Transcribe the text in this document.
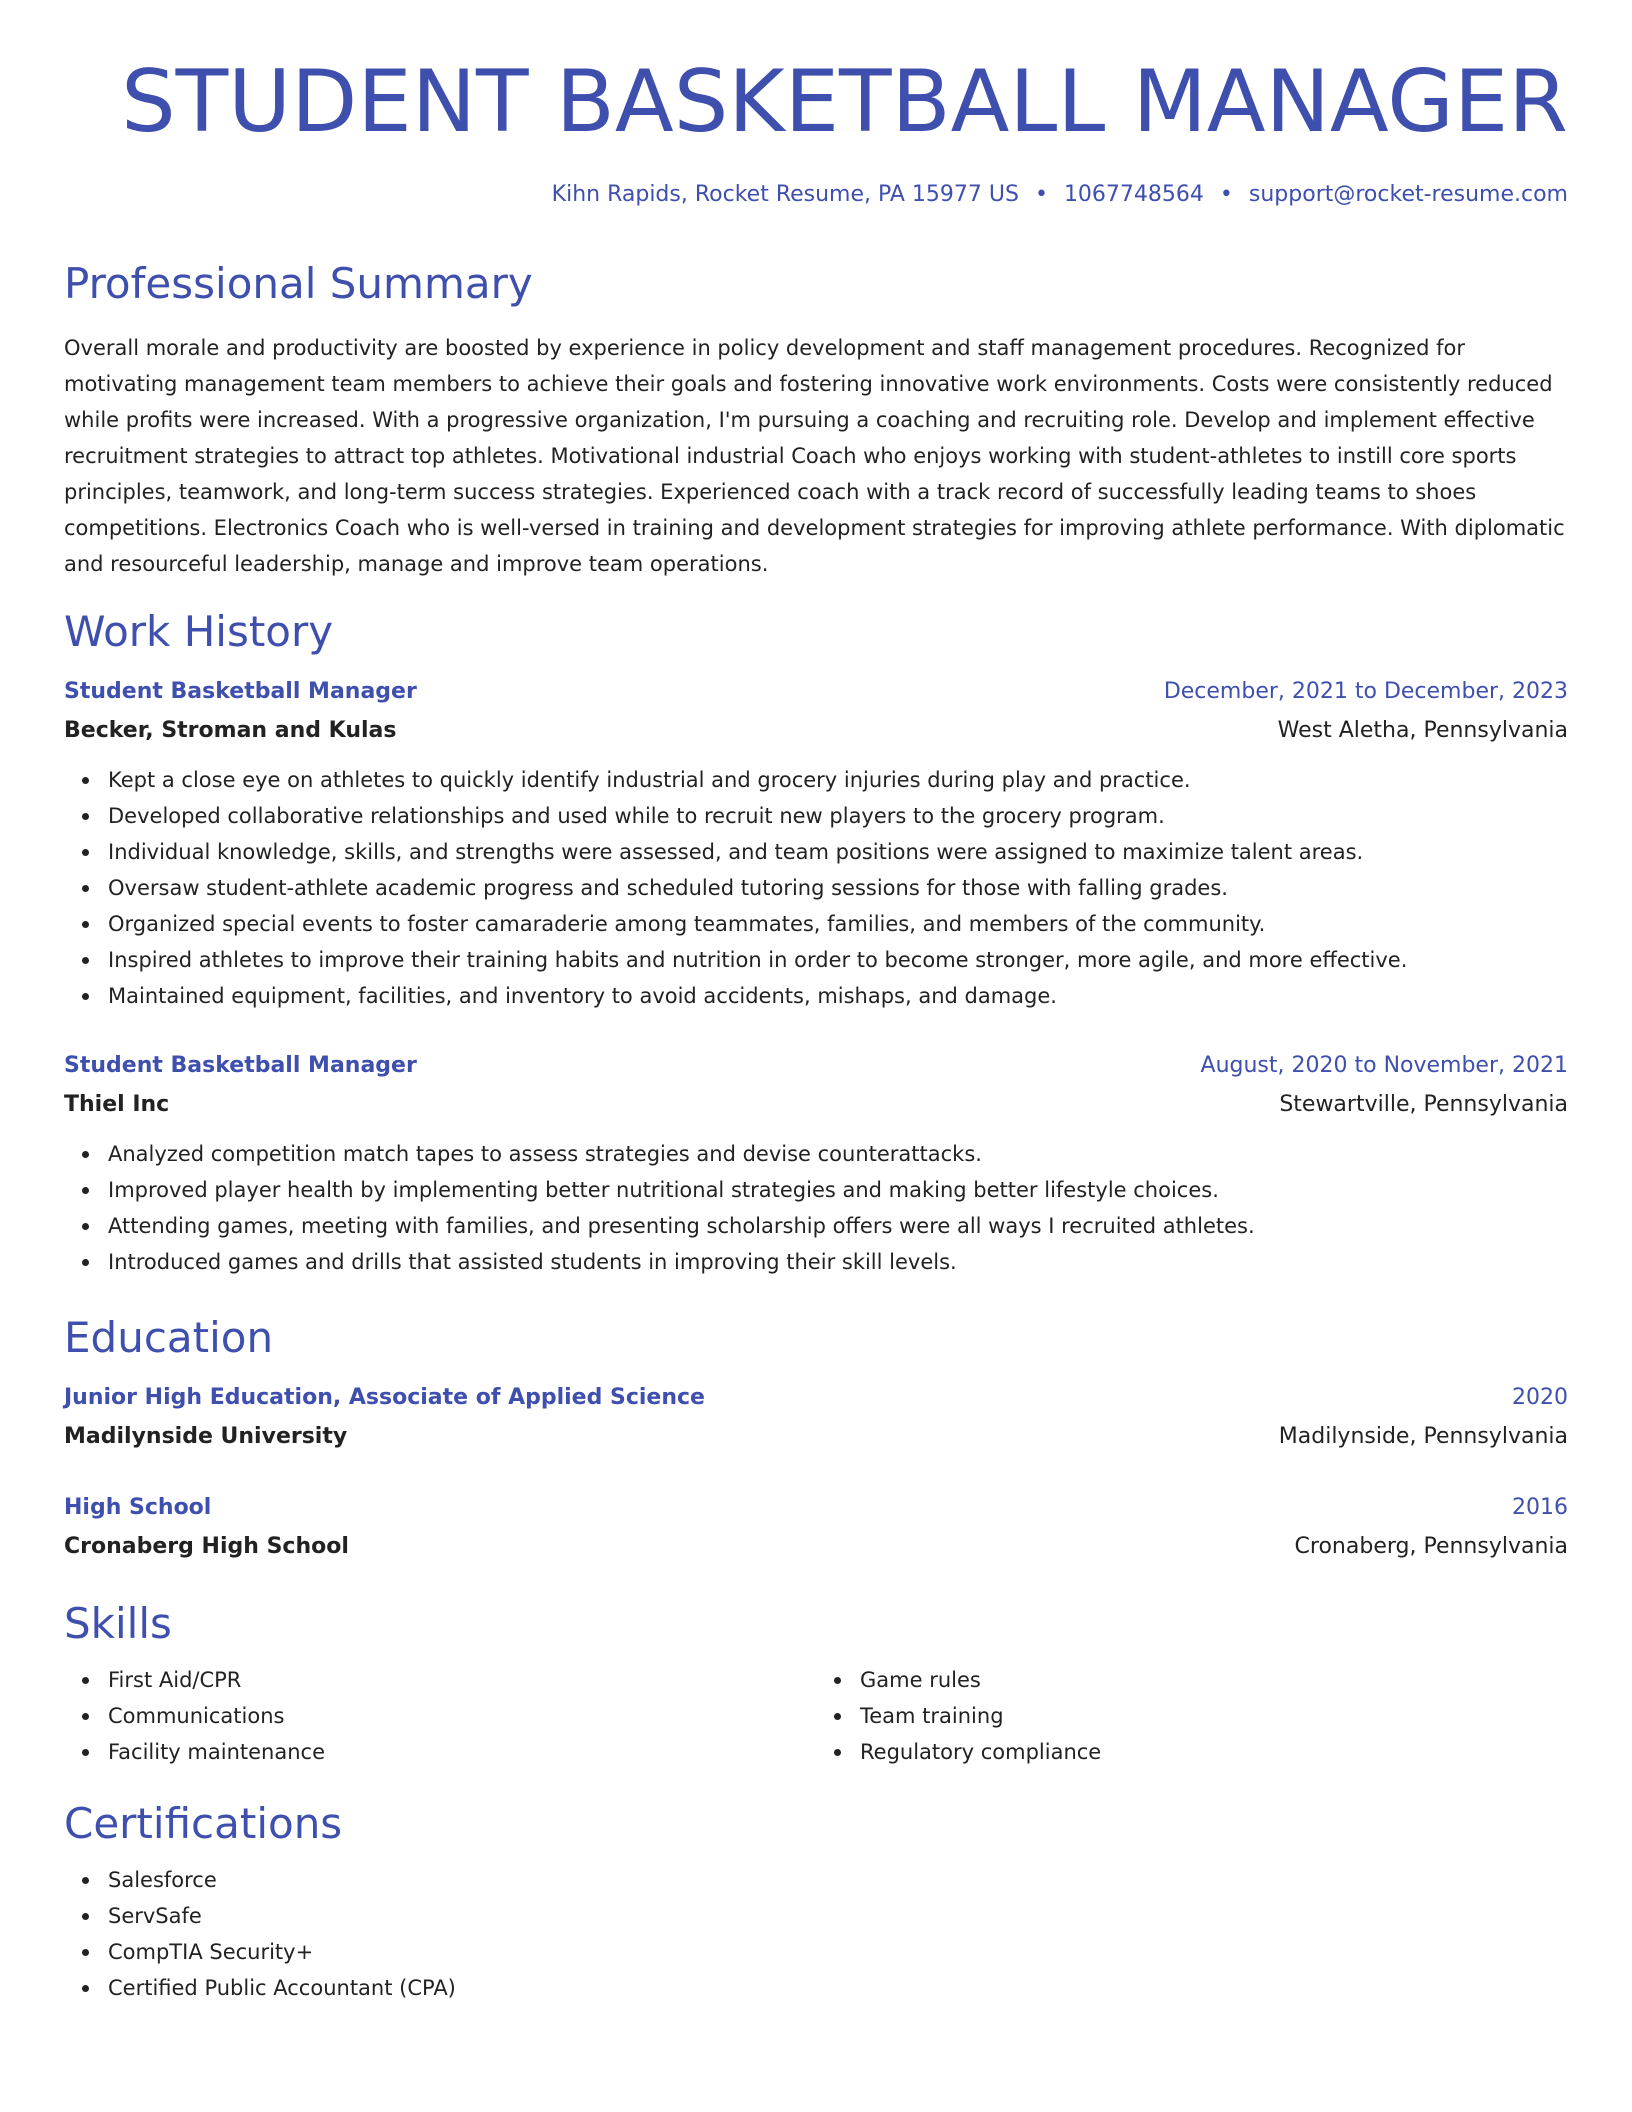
STUDENT BASKETBALL MANAGER
Kihn Rapids, Rocket Resume, PA 15977 US • 1067748564 • support@rocket-resume.com
Professional Summary

Overall morale and productivity are boosted by experience in policy development and staff management procedures. Recognized for motivating management team members to achieve their goals and fostering innovative work environments. Costs were consistently reduced while profits were increased. With a progressive organization, I'm pursuing a coaching and recruiting role. Develop and implement effective recruitment strategies to attract top athletes. Motivational industrial Coach who enjoys working with student-athletes to instill core sports principles, teamwork, and long-term success strategies. Experienced coach with a track record of successfully leading teams to shoes competitions. Electronics Coach who is well-versed in training and development strategies for improving athlete performance. With diplomatic and resourceful leadership, manage and improve team operations.

Work History
Student Basketball Manager	December, 2021 to December, 2023
Becker, Stroman and Kulas	West Aletha, Pennsylvania
Kept a close eye on athletes to quickly identify industrial and grocery injuries during play and practice.
Developed collaborative relationships and used while to recruit new players to the grocery program.
Individual knowledge, skills, and strengths were assessed, and team positions were assigned to maximize talent areas.
Oversaw student-athlete academic progress and scheduled tutoring sessions for those with falling grades.
Organized special events to foster camaraderie among teammates, families, and members of the community.
Inspired athletes to improve their training habits and nutrition in order to become stronger, more agile, and more effective.
Maintained equipment, facilities, and inventory to avoid accidents, mishaps, and damage.
Student Basketball Manager	August, 2020 to November, 2021
Thiel Inc	Stewartville, Pennsylvania
Analyzed competition match tapes to assess strategies and devise counterattacks.
Improved player health by implementing better nutritional strategies and making better lifestyle choices.
Attending games, meeting with families, and presenting scholarship offers were all ways I recruited athletes.
Introduced games and drills that assisted students in improving their skill levels.
Education
Junior High Education, Associate of Applied Science	2020
Madilynside University	Madilynside, Pennsylvania
High School	2016
Cronaberg High School	Cronaberg, Pennsylvania
Skills
First Aid/CPR
Communications
Facility maintenance
Game rules
Team training
Regulatory compliance
Certifications
Salesforce
ServSafe
CompTIA Security+
Certified Public Accountant (CPA)
